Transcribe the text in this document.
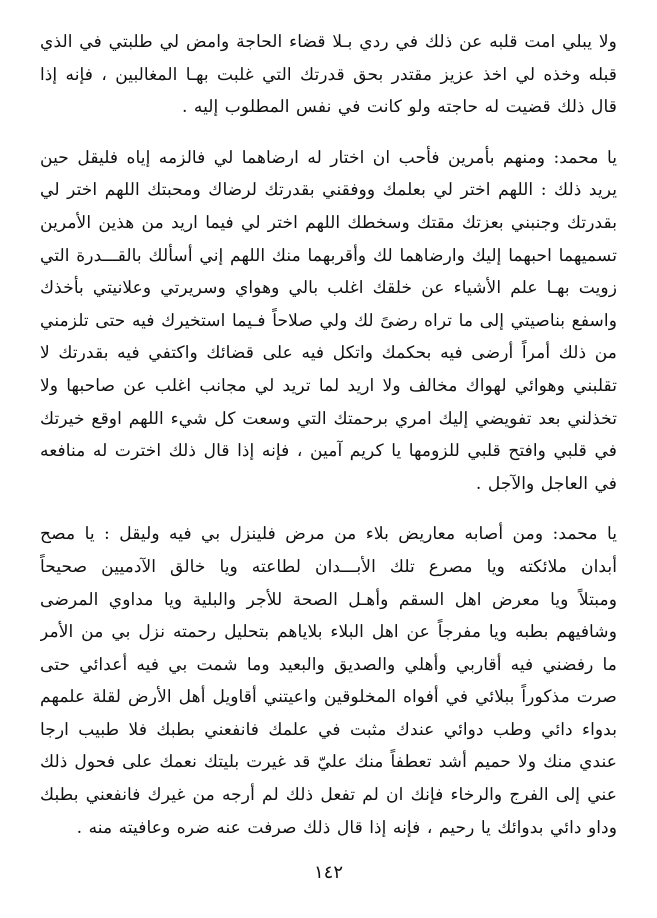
ولا يبلي امت قلبه عن ذلك في ردي بـلا قضاء الحاجة وامض لي طلبتي في الذي
قبله وخذه لي اخذ عزيز مقتدر بحق قدرتك التي غلبت بهـا المغالبين ، فإنه إذا
قال ذلك قضيت له حاجته ولو كانت في نفس المطلوب إليه .

يا محمد: ومنهم بأمرين فأحب ان اختار له ارضاهما لي فالزمه إياه فليقل حين
يريد ذلك : اللهم اختر لي بعلمك ووفقني بقدرتك لرضاك ومحبتك اللهم اختر لي
بقدرتك وجنبني بعزتك مقتك وسخطك اللهم اختر لي فيما اريد من هذين الأمرين
تسميهما احبهما إليك وارضاهما لك وأقربهما منك اللهم إني أسألك بالقـــدرة التي
زويت بهـا علم الأشياء عن خلقك اغلب بالي وهواي وسريرتي وعلانيتي بأخذك
واسفع بناصيتي إلى ما تراه رضىً لك ولي صلاحاً فـيما استخيرك فيه حتى تلزمني
من ذلك أمراً أرضى فيه بحكمك واتكل فيه على قضائك واكتفي فيه بقدرتك لا
تقلبني وهوائي لهواك مخالف ولا اريد لما تريد لي مجانب اغلب عن صاحبها ولا
تخذلني بعد تفويضي إليك امري برحمتك التي وسعت كل شيء اللهم اوقع خيرتك
في قلبي وافتح قلبي للزومها يا كريم آمين ، فإنه إذا قال ذلك اخترت له منافعه
في العاجل والآجل .

يا محمد: ومن أصابه معاريض بلاء من مرض فلينزل بي فيه وليقل : يا مصح
أبدان ملائكته ويا مصرع تلك الأبـــدان لطاعته ويا خالق الآدميين صحيحاً
ومبتلاً ويا معرض اهل السقم وأهـل الصحة للأجر والبلية ويا مداوي المرضى
وشافيهم بطبه ويا مفرجاً عن اهل البلاء بلاياهم بتحليل رحمته نزل بي من الأمر
ما رفضني فيه أقاربي وأهلي والصديق والبعيد وما شمت بي فيه أعدائي حتى
صرت مذكوراً ببلائي في أفواه المخلوقين واعيتني أقاويل أهل الأرض لقلة علمهم
بدواء دائي وطب دوائي عندك مثبت في علمك فانفعني بطبك فلا طبيب ارجا
عندي منك ولا حميم أشد تعطفاً منك عليّ قد غيرت بليتك نعمك على فحول ذلك
عني إلى الفرج والرخاء فإنك ان لم تفعل ذلك لم أرجه من غيرك فانفعني بطبك
وداو دائي بدوائك يا رحيم ، فإنه إذا قال ذلك صرفت عنه ضره وعافيته منه .

١٤٢
